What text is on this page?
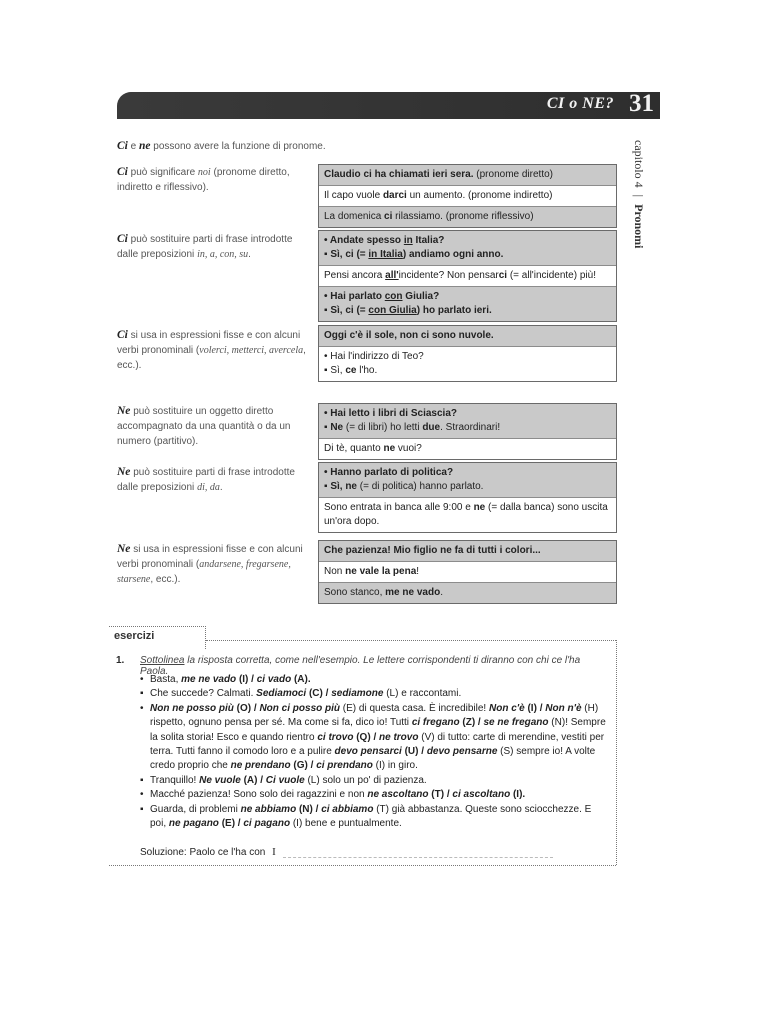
CI o NE? 31
capitolo 4 | Pronomi
Ci e ne possono avere la funzione di pronome.
Ci può significare noi (pronome diretto, indiretto e riflessivo).
Claudio ci ha chiamati ieri sera. (pronome diretto)
Il capo vuole darci un aumento. (pronome indiretto)
La domenica ci rilassiamo. (pronome riflessivo)
Ci può sostituire parti di frase introdotte dalle preposizioni in, a, con, su.
• Andate spesso in Italia?
▪ Sì, ci (= in Italia) andiamo ogni anno.
Pensi ancora all'incidente? Non pensarci (= all'incidente) più!
• Hai parlato con Giulia?
▪ Sì, ci (= con Giulia) ho parlato ieri.
Ci si usa in espressioni fisse e con alcuni verbi pronominali (volerci, metterci, avercela, ecc.).
Oggi c'è il sole, non ci sono nuvole.
• Hai l'indirizzo di Teo?
▪ Sì, ce l'ho.
Ne può sostituire un oggetto diretto accompagnato da una quantità o da un numero (partitivo).
• Hai letto i libri di Sciascia?
▪ Ne (= di libri) ho letti due. Straordinari!
Di tè, quanto ne vuoi?
Ne può sostituire parti di frase introdotte dalle preposizioni di, da.
• Hanno parlato di politica?
▪ Sì, ne (= di politica) hanno parlato.
Sono entrata in banca alle 9:00 e ne (= dalla banca) sono uscita un'ora dopo.
Ne si usa in espressioni fisse e con alcuni verbi pronominali (andarsene, fregarsene, starsene, ecc.).
Che pazienza! Mio figlio ne fa di tutti i colori...
Non ne vale la pena!
Sono stanco, me ne vado.
esercizi
1. Sottolinea la risposta corretta, come nell'esempio. Le lettere corrispondenti ti diranno con chi ce l'ha Paola.
• Basta, me ne vado (I) / ci vado (A).
▪ Che succede? Calmati. Sediamoci (C) / sediamone (L) e raccontami.
• Non ne posso più (O) / Non ci posso più (E) di questa casa. È incredibile! Non c'è (I) / Non n'è (H) rispetto, ognuno pensa per sé. Ma come si fa, dico io! Tutti ci fregano (Z) / se ne fregano (N)! Sempre la solita storia! Esco e quando rientro ci trovo (Q) / ne trovo (V) di tutto: carte di merendine, vestiti per terra. Tutti fanno il comodo loro e a pulire devo pensarci (U) / devo pensarne (S) sempre io! A volte credo proprio che ne prendano (G) / ci prendano (I) in giro.
▪ Tranquillo! Ne vuole (A) / Ci vuole (L) solo un po' di pazienza.
• Macché pazienza! Sono solo dei ragazzini e non ne ascoltano (T) / ci ascoltano (I).
▪ Guarda, di problemi ne abbiamo (N) / ci abbiamo (T) già abbastanza. Queste sono sciocchezze. E poi, ne pagano (E) / ci pagano (I) bene e puntualmente.
Soluzione: Paolo ce l'ha con I
